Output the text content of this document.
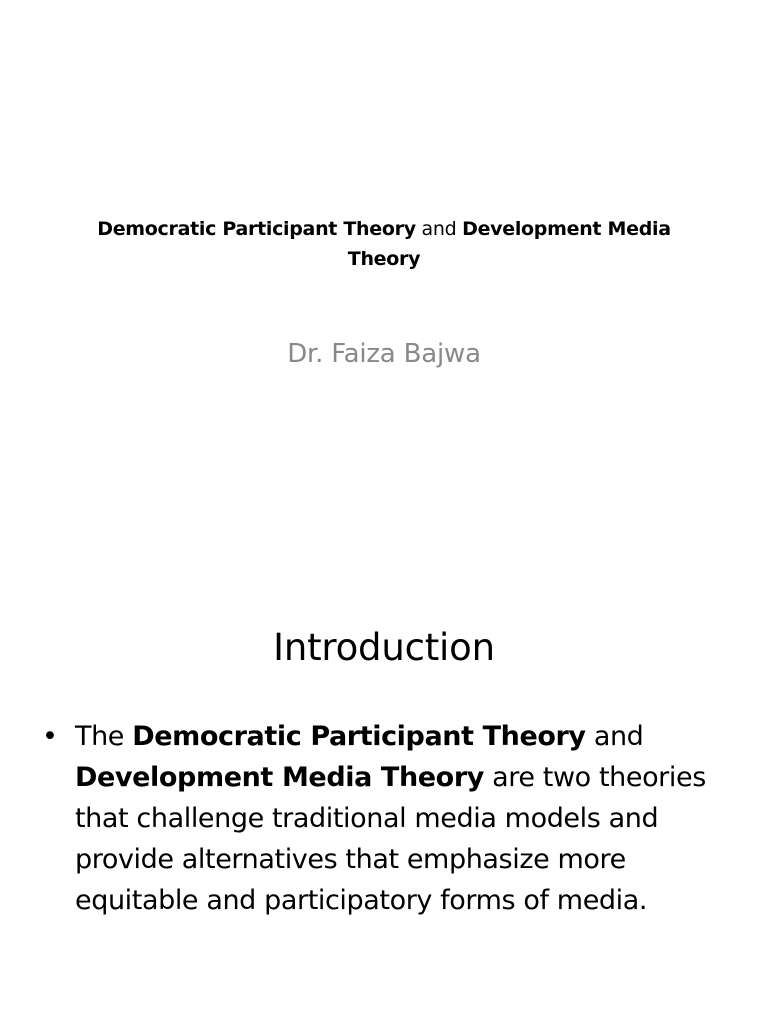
Democratic Participant Theory and Development Media Theory
Dr. Faiza Bajwa
Introduction
• The Democratic Participant Theory and Development Media Theory are two theories that challenge traditional media models and provide alternatives that emphasize more equitable and participatory forms of media.
